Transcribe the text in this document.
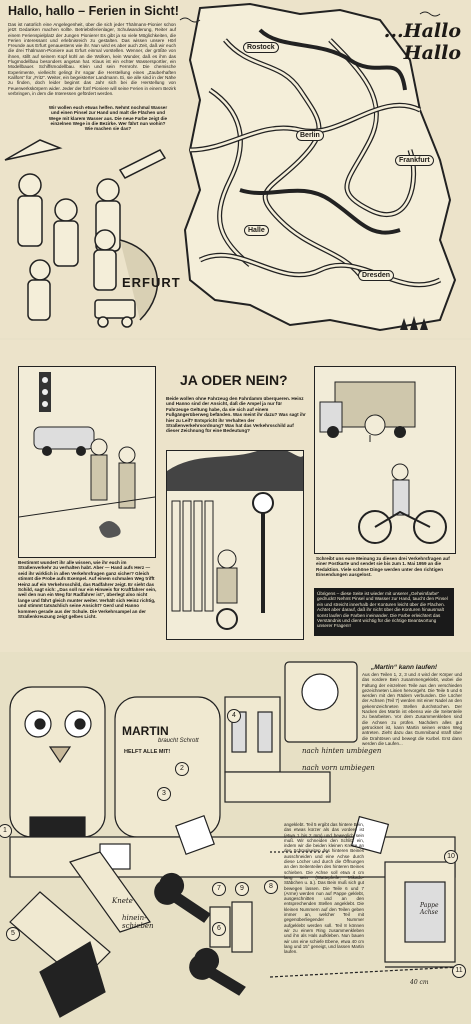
Hallo, hallo – Ferien in Sicht!
Das ist natürlich eine Angelegenheit, über die sich jeder Thälmann-Pionier schon jetzt Gedanken machen sollte. Betriebsferienlager, Schulwanderung, Reiter auf einem Ferienspielplatz der Jungen Pioniere! Es gibt ja so viele Möglichkeiten, die Ferien interessant und erlebnisreich zu gestalten. Das wissen unsere Hörl Freunde aus Erfurt genauestens wie ihr. Nun wird es aber auch Zeit, daß wir euch die drei Thälmann-Pioniere aus Erfurt einmal vorstellen. Wenner, der größte von ihnen, stillt auf seinem Kopf kühl an die Wolken, kein Wunder, daß es ihm das Flugmodellbau besonders angetan hat. Klaus ist ein echter Wassersportler, ein Modellbauer. Schiffsmodellbau. Klein und sein Fernrohr. Die chemische Experimente, vielleicht gelingt ihr sogar die Herstellung eines „Zauberhaften Kalifors“ für „Fritz“. Weiter, ein begeisterter Landmann. Ei, sie alle sind in der Nähe zu finden, doch leider beginnt das Jahr sich bei die Herstellung von Feuerwerkskörpern wider. Jeder der fünf Pioniere will seine Ferien in einem Bezirk verbringen, in dem die Interessen gefördert werden.
Wir wollen euch etwas helfen. Nehmt nochmal Wasser und einen Pinsel zur Hand und malt die Flächen und Wege mit klarem Wasser aus. Die neue Farbe zeigt die einzelnen Wege in die Bezirke. Wer fährt nun wohin? Wie machen sie das?
...Hallo
Hallo
Rostock
Berlin
Frankfurt
Halle
Dresden
ERFURT
JA ODER NEIN?
Beide wollen ohne Fahrzeug den Fahrdamm überqueren. Heinz und Hanno sind der Ansicht, daß die Ampel ja nur für Fahrzeuge Geltung habe, da sie sich auf einem Fußgängerüberweg befänden. Was meint ihr dazu? Was sagt ihr hier zu Leif? Entspricht ihr Verhalten der Straßenverkehrsordnung? Was hat das Verkehrsschild auf dieser Zeichnung für eine Bedeutung?
Bestimmt wundert ihr alle wissen, wie ihr euch im Straßenverkehr zu verhalten habt. Aber — Hand aufs Herz — seid ihr wirklich in allen Verkehrsfragen ganz sicher? Gleich stimmt die Probe aufs Exempel. Auf einem schmalen Weg trifft Heinz auf ein Verkehrsschild, das Radfahrer zeigt. Er sieht das Schild, sagt sich: „Das soll nur ein Hinweis für Kraftfahrer sein, weil den nun ein Weg für Radfahrer ist“, überlegt also nicht lange und fährt gleich munter weiter. Verhält sich Heinz richtig, und stimmt tatsächlich seine Ansicht? Gerd und Hanno kommen gerade aus der Schule. Die Verkehrsampel an der Straßenkreuzung zeigt gelbes Licht.
Schreibt uns eure Meinung zu diesen drei Verkehrsfragen auf einer Postkarte und sendet sie bis zum 1. Mai 1959 an die Redaktion. Viele schöne Dinge werden unter den richtigen Einsendungen ausgelost.
Übrigens – diese Seite ist wieder mit unserer „Geheimfarbe“ gedruckt! Nehmt Pinsel und Wasser zur Hand, taucht den Pinsel ein und streicht innerhalb der Konturen leicht über die Flächen. Achtet aber darauf, daß ihr nicht über die Konturen hinausmalt sonst laufen die Farben ineinander. Die Farbe erleichtert das Verständnis und dient wichtig für die richtige Beantwortung unserer Fragen!!
MARTIN
braucht Schrott
HELFT ALLE MIT!
„Martin“ kann laufen!
Aus den Teilen 1, 2, 3 und 4 wird der Körper und das vordere Bein zusammengeklebt, wobei die Faltung der einzelnen Teile aus den verschieden gezeichneten Linien hervorgeht. Die Teile 5 und 6 werden mit den Rädern verbunden. Die Löcher der Achsen (Teil 7) werden mit einer Nadel an den gekennzeichneten Stellen durchstochen. Der Nacken des Martin ist ebenso wie die Seitenteile zu bearbeiten. Vor dem Zusammenkleben sind die Achsen zu prüfen. Nachdem alles gut getrocknet ist, kann Martin seinen ersten Weg antreten. Zieht dazu das Gummiband straff über die Drahtösen und bewegt die Kurbel. Erst dann werden die Laufen...
angeklebt. Teil 5 ergibt das hintere Bein, das etwas kürzer als das vordere ist (etwa 1 bis 2 mm) und beweglich sein muß. Wir schneiden den Schlitz ein, indem wir die beiden kleinen Kreise an den Schmalseiten des hinteren Beines ausschneiden und eine Achse durch diese Löcher und durch die Öffnungen an den Seitenteilen des hinteren Beines schieben. Die Achse soll etwa 4 cm lang sein (Wattepfeife, Mikado-Stäbchen u. ä.). Das Bein muß sich gut bewegen lassen. Die Teile 6 und 7 (Arme) werden nun auf Pappe geklebt, ausgeschnitten und an den entsprechenden Stellen angeklebt. Die kleinen Nummern auf den Teilen geben immer an, welcher Teil mit gegenüberliegender Nummer aufgeklebt werden soll. Teil 8 können wir zu einem Ring zusammenkleben und ihn als Hals aufkleben. Nun bauen wir uns eine schiefe Ebene, etwa 40 cm lang und 15° geneigt, und lassen Martin laufen.
nach hinten umbiegen
nach vorn umbiegen
Knete
hinein-schieben
Pappe Achse
40 cm
1
2
3
4
5
6
7	8
9
10
11
